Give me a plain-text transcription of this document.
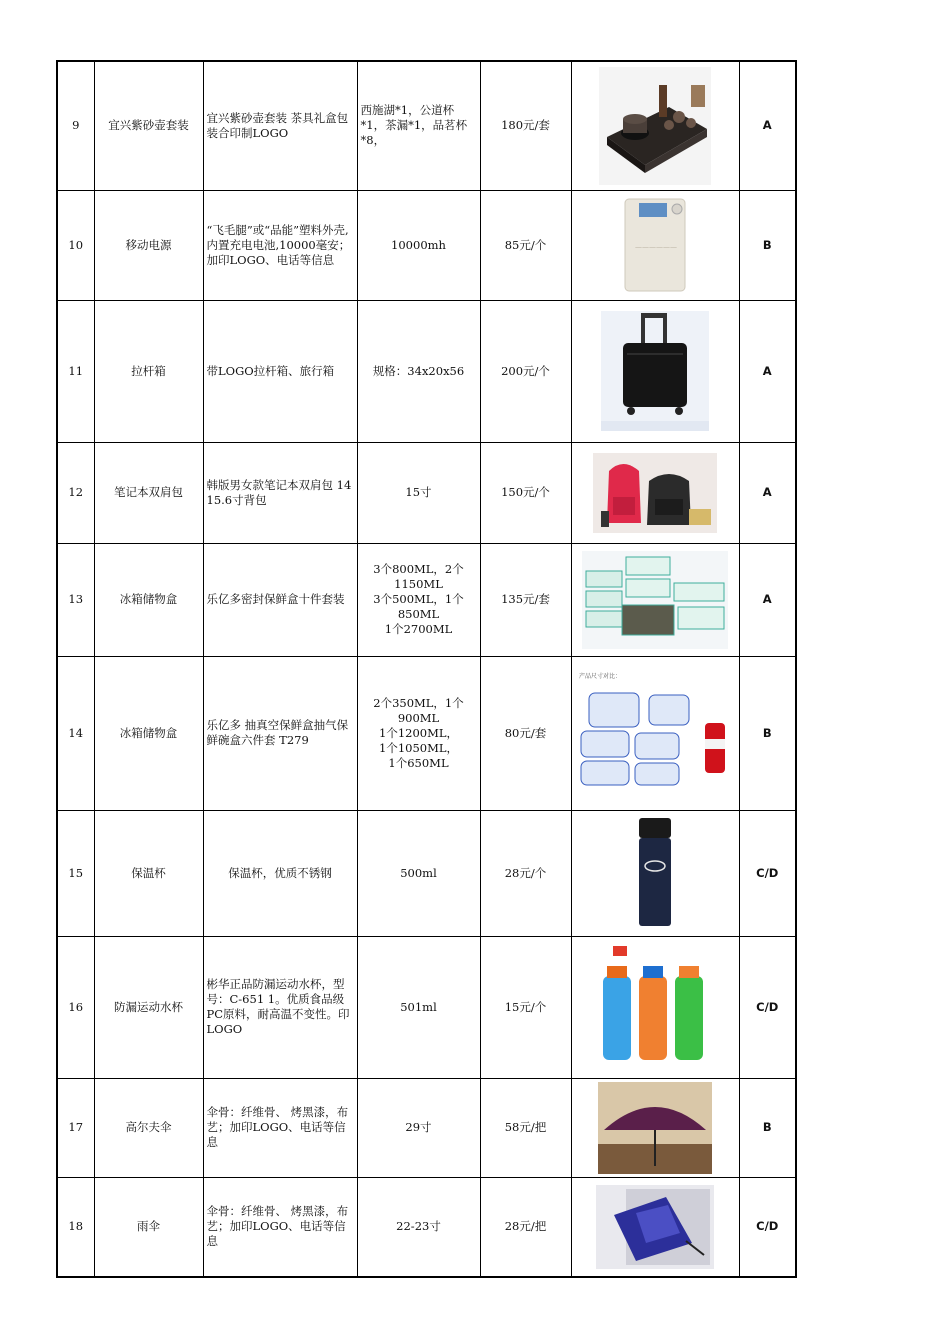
9	宜兴紫砂壶套装	宜兴紫砂壶套装 茶具礼盒包装合印制LOGO	西施湖*1，公道杯*1，茶漏*1，品茗杯*8，	180元/套		A
10	移动电源	“飞毛腿”或“品能”塑料外壳,内置充电电池,10000毫安；加印LOGO、电话等信息	10000mh	85元/个	——————	B
11	拉杆箱	带LOGO拉杆箱、旅行箱	规格：34x20x56	200元/个		A
12	笔记本双肩包	韩版男女款笔记本双肩包 14 15.6寸背包	15寸	150元/个		A
13	冰箱储物盒	乐亿多密封保鲜盒十件套装	3个800ML，2个1150ML
3个500ML，1个850ML
1个2700ML	135元/套		A
14	冰箱储物盒	乐亿多 抽真空保鲜盒抽气保鲜碗盒六件套 T279	2个350ML，1个900ML
1个1200ML，
1个1050ML，
1个650ML	80元/套	产品尺寸对比：	B
15	保温杯	保温杯，优质不锈钢	500ml	28元/个		C/D
16	防漏运动水杯	彬华正品防漏运动水杯，型号：C-651 1。优质食品级PC原料，耐高温不变性。印LOGO	501ml	15元/个		C/D
17	高尔夫伞	伞骨：纤维骨、 烤黑漆，布艺；加印LOGO、电话等信息	29寸	58元/把		B
18	雨伞	伞骨：纤维骨、 烤黑漆，布艺；加印LOGO、电话等信息	22-23寸	28元/把		C/D
